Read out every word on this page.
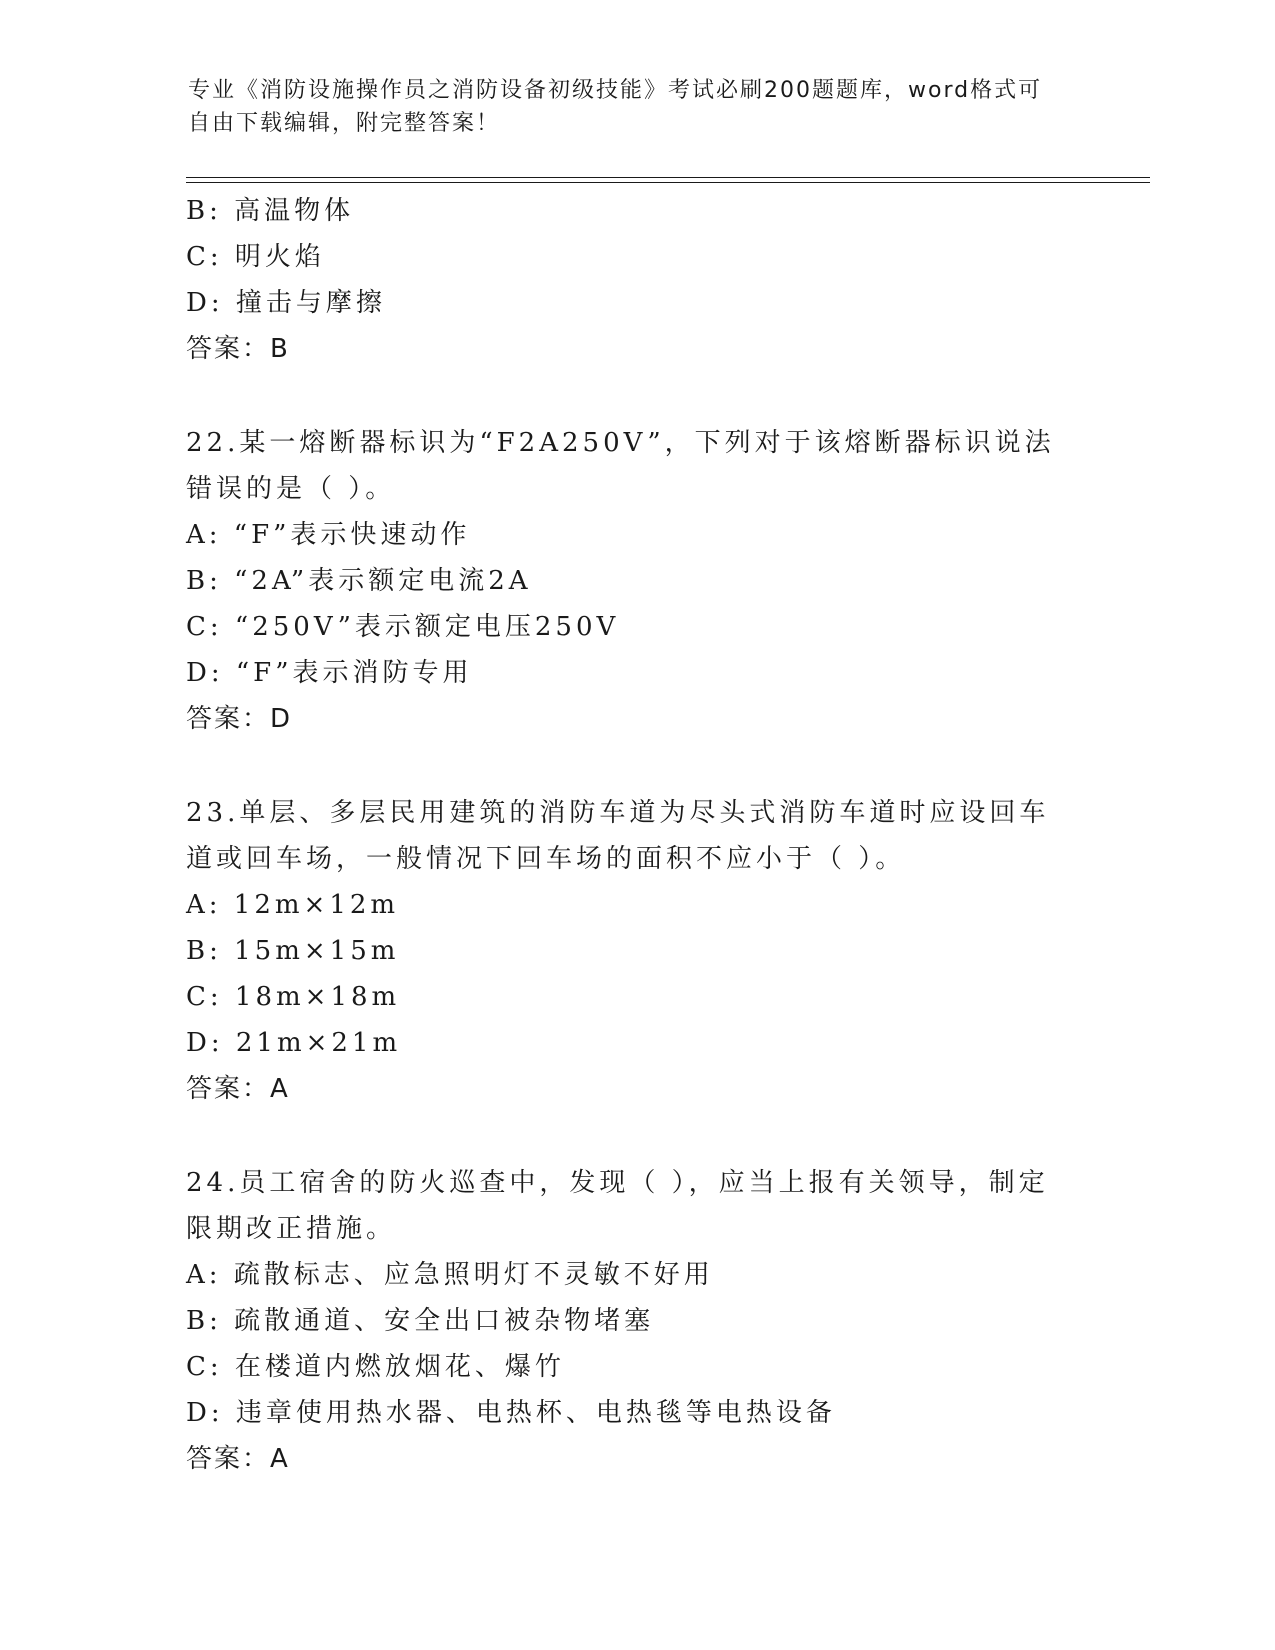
专业《消防设施操作员之消防设备初级技能》考试必刷200题题库，word格式可
自由下载编辑，附完整答案！
B: 高温物体
C: 明火焰
D: 撞击与摩擦
答案：B
22.某一熔断器标识为“F2A250V”，下列对于该熔断器标识说法错误的是（ ）。
A: “F”表示快速动作
B: “2A”表示额定电流2A
C: “250V”表示额定电压250V
D: “F”表示消防专用
答案：D
23.单层、多层民用建筑的消防车道为尽头式消防车道时应设回车道或回车场，一般情况下回车场的面积不应小于（ ）。
A: 12m×12m
B: 15m×15m
C: 18m×18m
D: 21m×21m
答案：A
24.员工宿舍的防火巡查中，发现（ ），应当上报有关领导，制定限期改正措施。
A: 疏散标志、应急照明灯不灵敏不好用
B: 疏散通道、安全出口被杂物堵塞
C: 在楼道内燃放烟花、爆竹
D: 违章使用热水器、电热杯、电热毯等电热设备
答案：A
